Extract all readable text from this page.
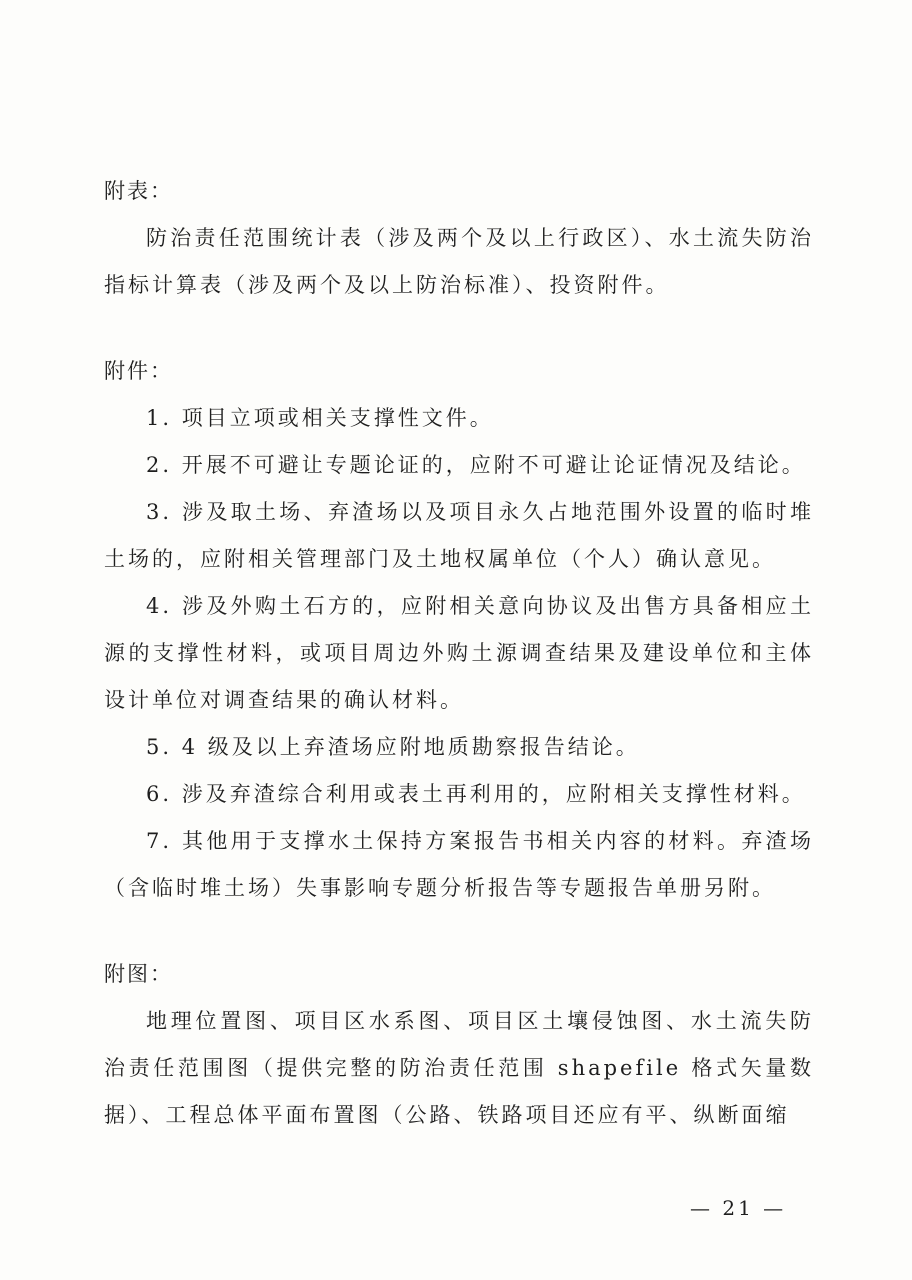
附表：

防治责任范围统计表（涉及两个及以上行政区）、水土流失防治指标计算表（涉及两个及以上防治标准）、投资附件。

附件：

1. 项目立项或相关支撑性文件。

2. 开展不可避让专题论证的，应附不可避让论证情况及结论。

3. 涉及取土场、弃渣场以及项目永久占地范围外设置的临时堆土场的，应附相关管理部门及土地权属单位（个人）确认意见。

4. 涉及外购土石方的，应附相关意向协议及出售方具备相应土源的支撑性材料，或项目周边外购土源调查结果及建设单位和主体设计单位对调查结果的确认材料。

5. 4 级及以上弃渣场应附地质勘察报告结论。

6. 涉及弃渣综合利用或表土再利用的，应附相关支撑性材料。

7. 其他用于支撑水土保持方案报告书相关内容的材料。弃渣场（含临时堆土场）失事影响专题分析报告等专题报告单册另附。

附图：

地理位置图、项目区水系图、项目区土壤侵蚀图、水土流失防治责任范围图（提供完整的防治责任范围 shapefile 格式矢量数据）、工程总体平面布置图（公路、铁路项目还应有平、纵断面缩

— 21 —
